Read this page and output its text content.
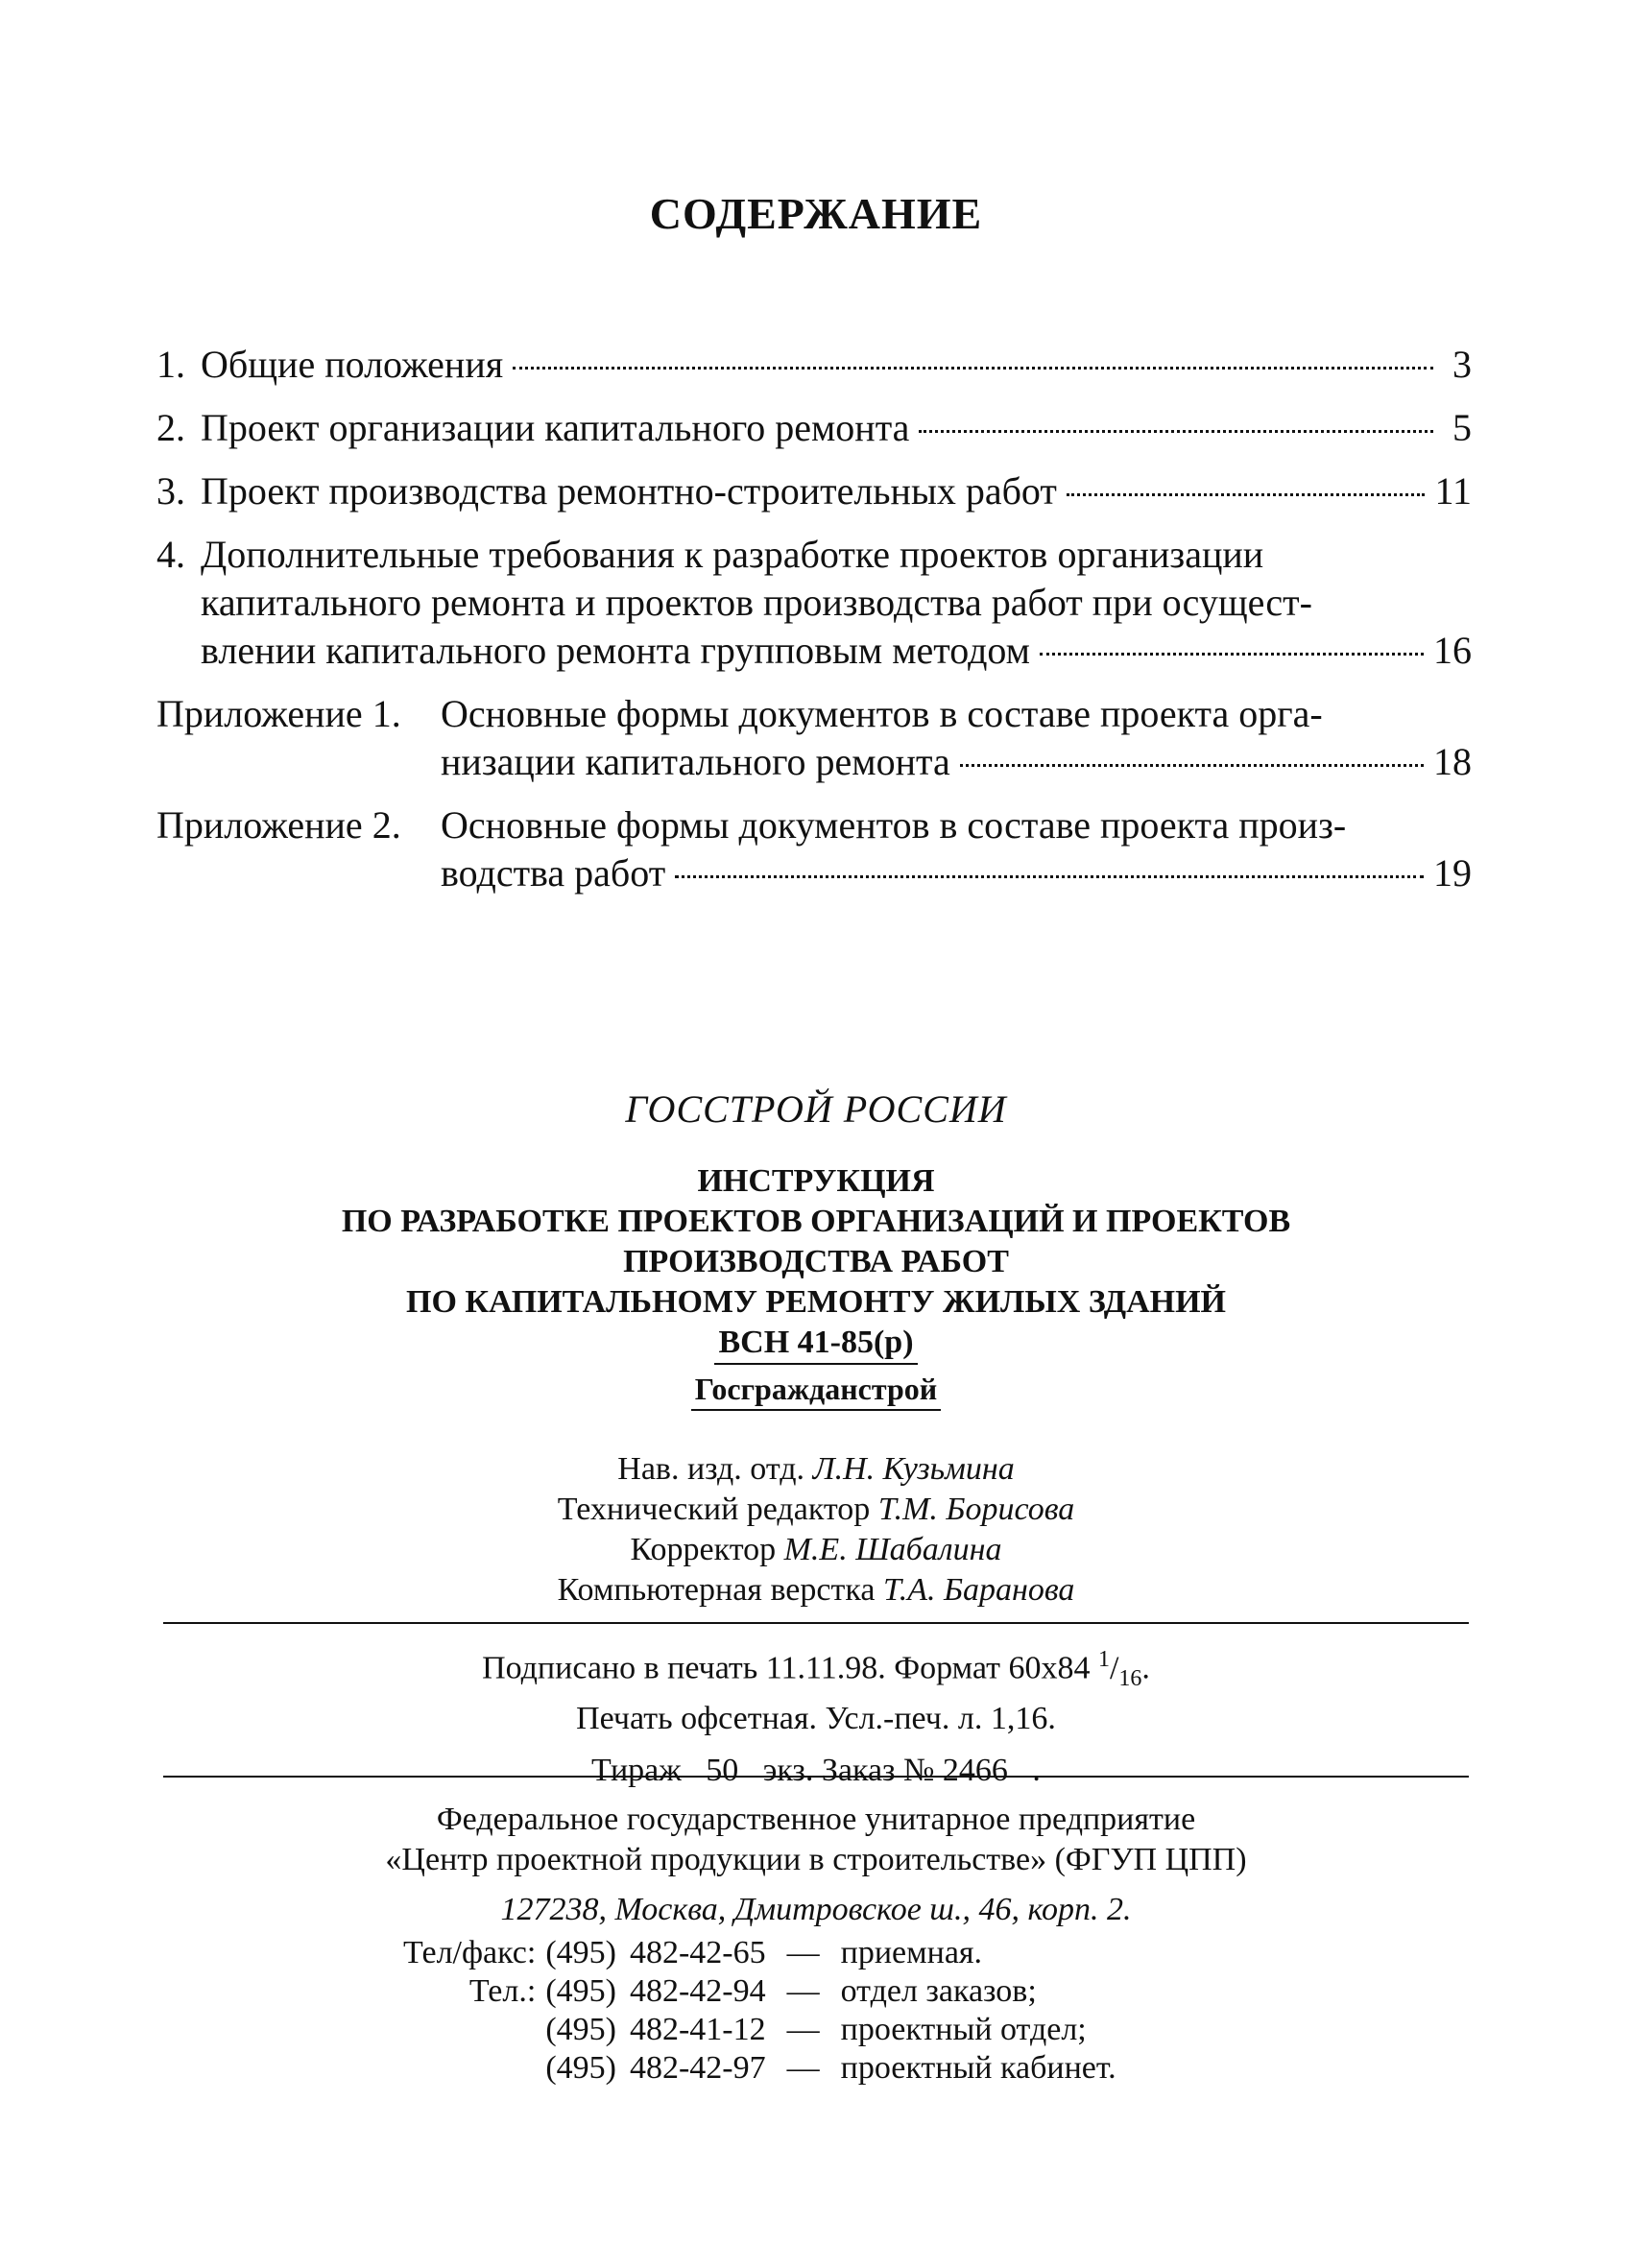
СОДЕРЖАНИЕ
1. Общие положения	3
2. Проект организации капитального ремонта	5
3. Проект производства ремонтно-строительных работ	11
4. Дополнительные требования к разработке проектов организации
капитального ремонта и проектов производства работ при осущест-
влении капитального ремонта групповым методом	16
Приложение 1. Основные формы документов в составе проекта орга-
низации капитального ремонта	18
Приложение 2. Основные формы документов в составе проекта произ-
водства работ	19
ГОССТРОЙ РОССИИ
ИНСТРУКЦИЯ
ПО РАЗРАБОТКЕ ПРОЕКТОВ ОРГАНИЗАЦИЙ И ПРОЕКТОВ
ПРОИЗВОДСТВА РАБОТ
ПО КАПИТАЛЬНОМУ РЕМОНТУ ЖИЛЫХ ЗДАНИЙ
ВСН 41-85(р)
Гоcгражданстрой
Нав. изд. отд. Л.Н. Кузьмина
Технический редактор Т.М. Борисова
Корректор М.Е. Шабалина
Компьютерная верстка Т.А. Баранова
Подписано в печать 11.11.98. Формат 60х84 $^1/_{16}$.
Печать офсетная. Усл.-печ. л. 1,16.
Тираж   50   экз. Заказ № 2466   .
Федеральное государственное унитарное предприятие
«Центр проектной продукции в строительстве» (ФГУП ЦПП)
127238, Москва, Дмитровское ш., 46, корп. 2.
Тел/факс:	(495)	482-42-65	—	приемная.
Тел.:	(495)	482-42-94	—	отдел заказов;
	(495)	482-41-12	—	проектный отдел;
	(495)	482-42-97	—	проектный кабинет.
